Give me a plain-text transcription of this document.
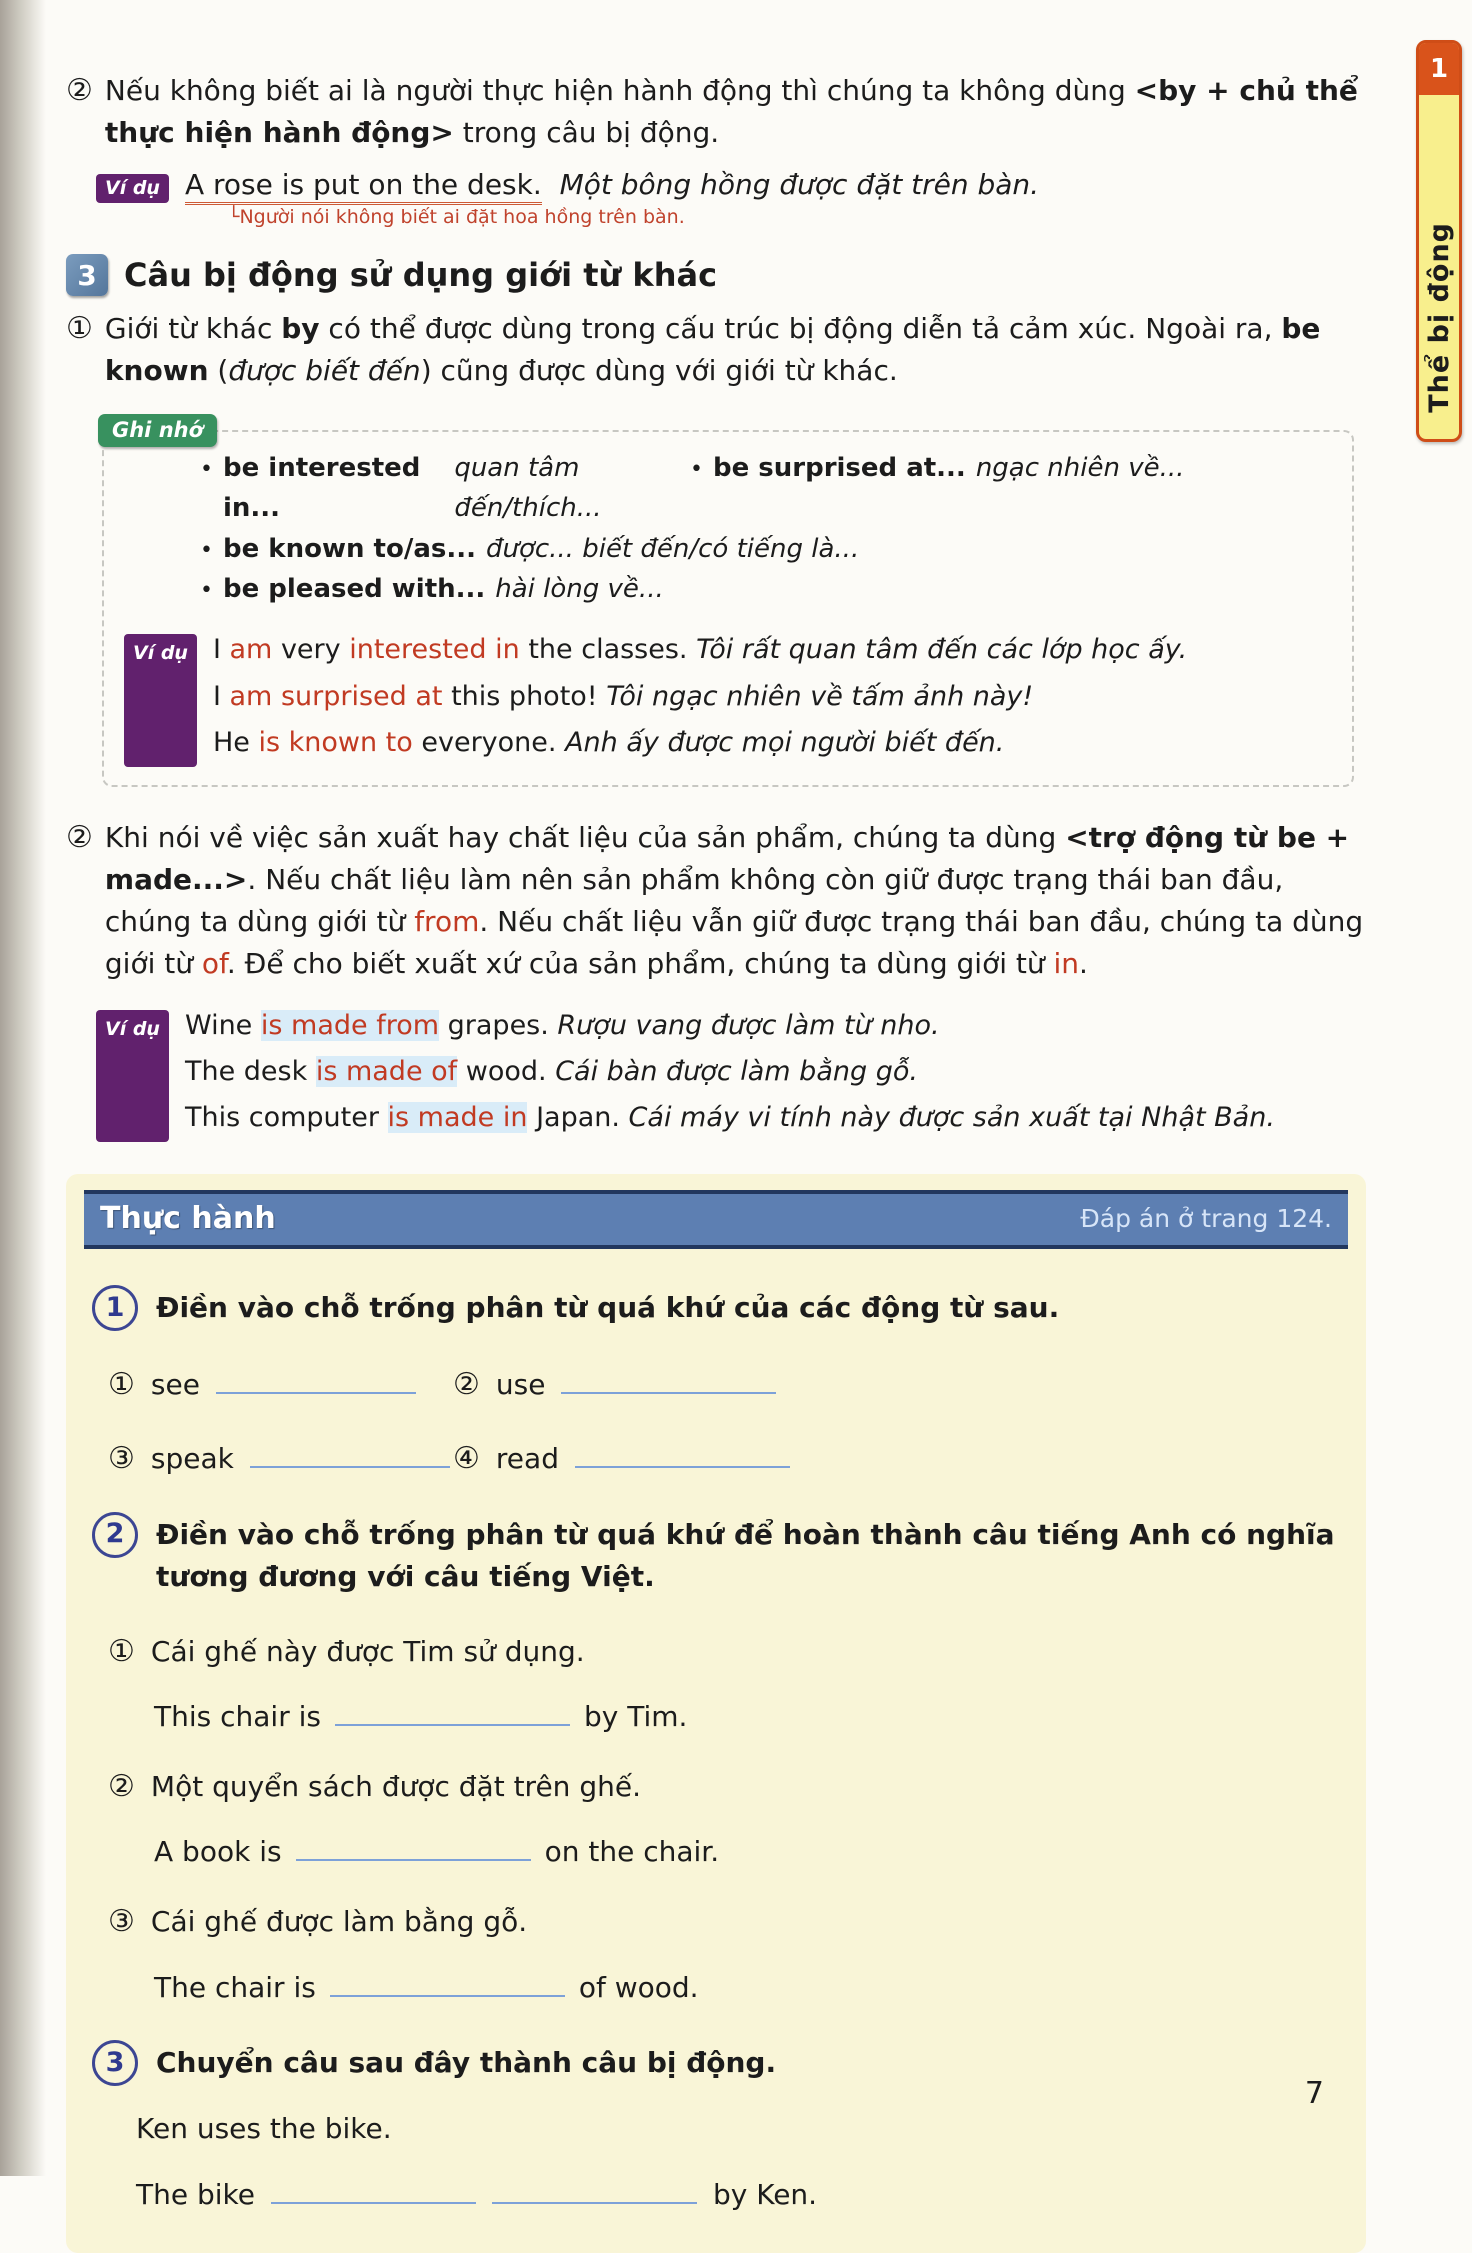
1
Thể bị động
② Nếu không biết ai là người thực hiện hành động thì chúng ta không dùng <by + chủ thể thực hiện hành động> trong câu bị động.
Ví dụ A rose is put on the desk. Một bông hồng được đặt trên bàn.
└Người nói không biết ai đặt hoa hồng trên bàn.
3 Câu bị động sử dụng giới từ khác
① Giới từ khác by có thể được dùng trong cấu trúc bị động diễn tả cảm xúc. Ngoài ra, be known (được biết đến) cũng được dùng với giới từ khác.
Ghi nhớ
• be interested in...
quan tâm đến/thích...
• be surprised at... ngạc nhiên về...
• be known to/as... được... biết đến/có tiếng là...
• be pleased with... hài lòng về...
Ví dụ I am very interested in the classes. Tôi rất quan tâm đến các lớp học ấy.
I am surprised at this photo! Tôi ngạc nhiên về tấm ảnh này!
He is known to everyone. Anh ấy được mọi người biết đến.
② Khi nói về việc sản xuất hay chất liệu của sản phẩm, chúng ta dùng <trợ động từ be + made...>. Nếu chất liệu làm nên sản phẩm không còn giữ được trạng thái ban đầu, chúng ta dùng giới từ from. Nếu chất liệu vẫn giữ được trạng thái ban đầu, chúng ta dùng giới từ of. Để cho biết xuất xứ của sản phẩm, chúng ta dùng giới từ in.
Ví dụ Wine is made from grapes. Rượu vang được làm từ nho.
The desk is made of wood. Cái bàn được làm bằng gỗ.
This computer is made in Japan. Cái máy vi tính này được sản xuất tại Nhật Bản.
Thực hành	Đáp án ở trang 124.
1	Điền vào chỗ trống phân từ quá khứ của các động từ sau.
① see	② use
③ speak	④ read
2	Điền vào chỗ trống phân từ quá khứ để hoàn thành câu tiếng Anh có nghĩa tương đương với câu tiếng Việt.
① Cái ghế này được Tim sử dụng.
This chair is	by Tim.
② Một quyển sách được đặt trên ghế.
A book is	on the chair.
③ Cái ghế được làm bằng gỗ.
The chair is	of wood.
3	Chuyển câu sau đây thành câu bị động.
Ken uses the bike.
The bike	by Ken.
7
